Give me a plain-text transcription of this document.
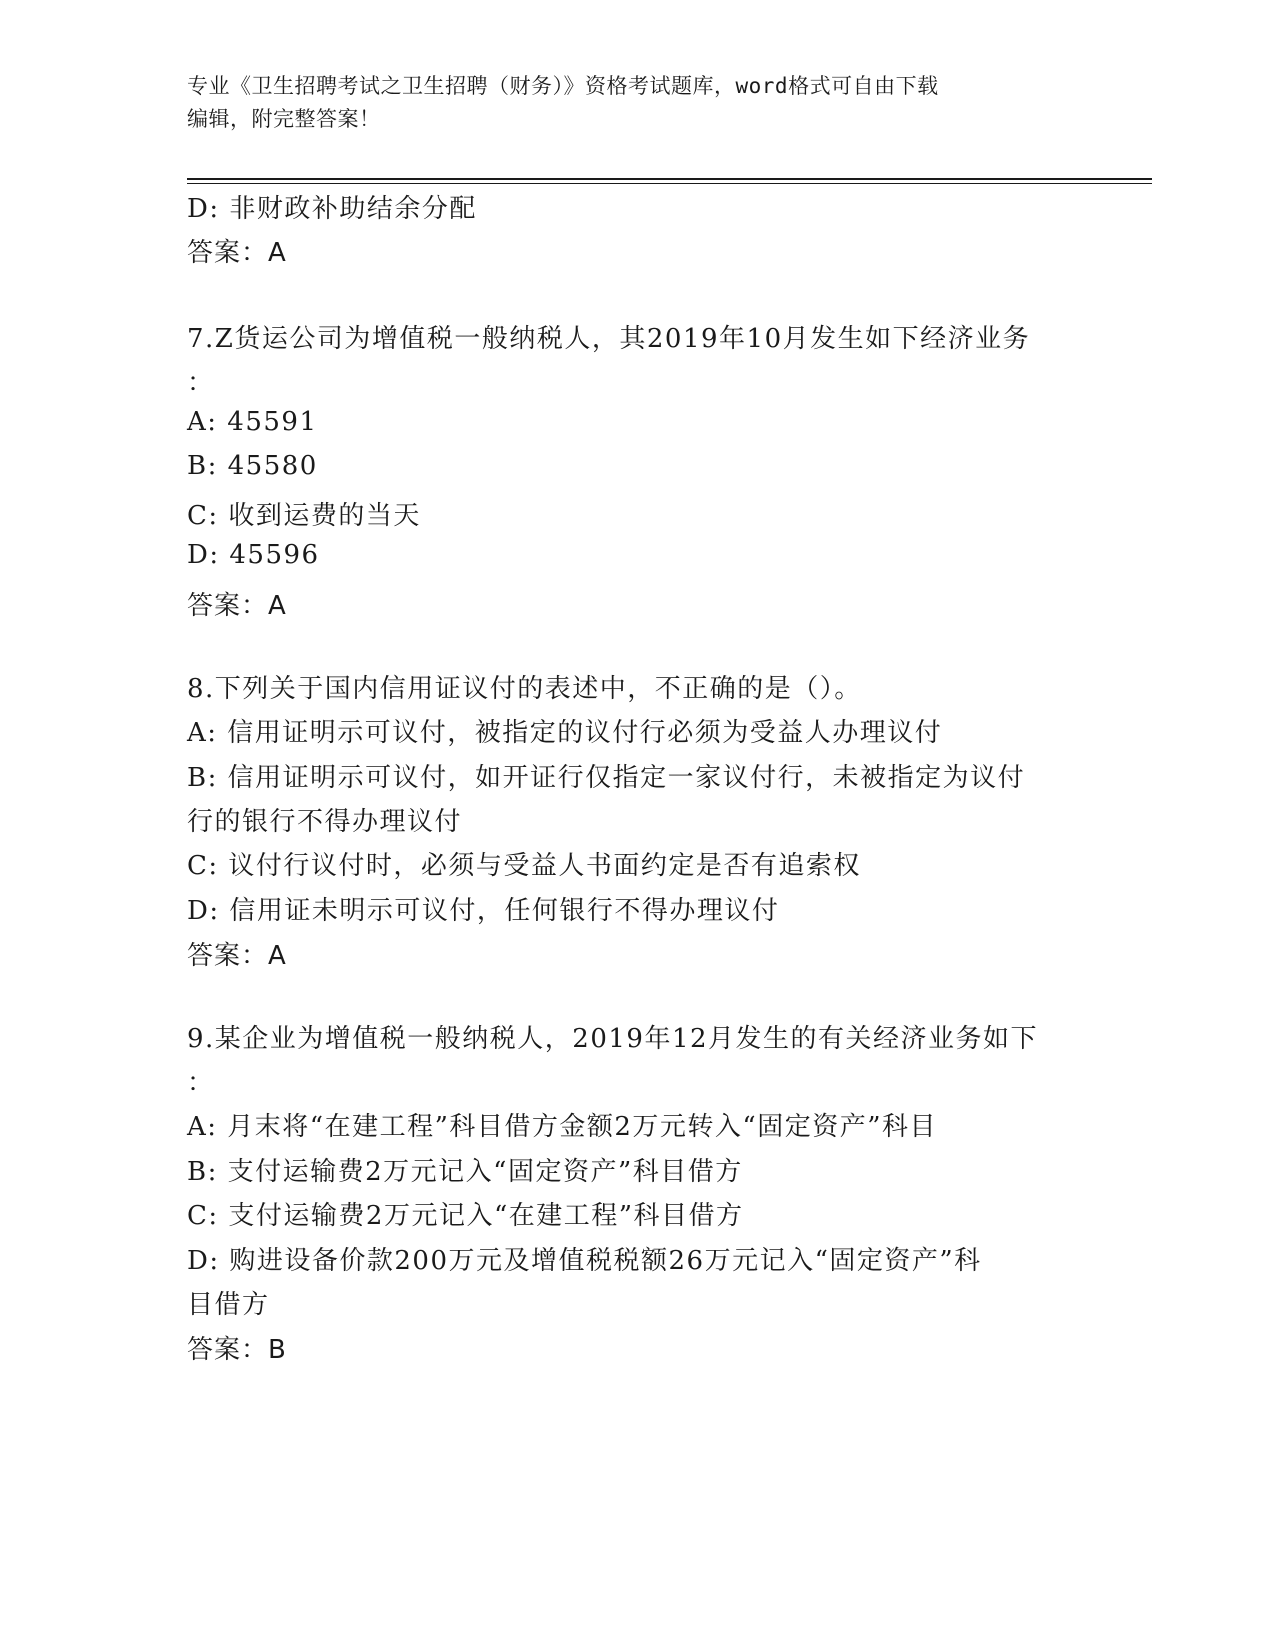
专业《卫生招聘考试之卫生招聘（财务）》资格考试题库，word格式可自由下载
编辑，附完整答案！
D: 非财政补助结余分配
答案：A
7.Z货运公司为增值税一般纳税人，其2019年10月发生如下经济业务
：
A: 45591
B: 45580
C: 收到运费的当天
D: 45596
答案：A
8.下列关于国内信用证议付的表述中，不正确的是（）。
A: 信用证明示可议付，被指定的议付行必须为受益人办理议付
B: 信用证明示可议付，如开证行仅指定一家议付行，未被指定为议付
行的银行不得办理议付
C: 议付行议付时，必须与受益人书面约定是否有追索权
D: 信用证未明示可议付，任何银行不得办理议付
答案：A
9.某企业为增值税一般纳税人，2019年12月发生的有关经济业务如下
：
A: 月末将“在建工程”科目借方金额2万元转入“固定资产”科目
B: 支付运输费2万元记入“固定资产”科目借方
C: 支付运输费2万元记入“在建工程”科目借方
D: 购进设备价款200万元及增值税税额26万元记入“固定资产”科
目借方
答案：B
